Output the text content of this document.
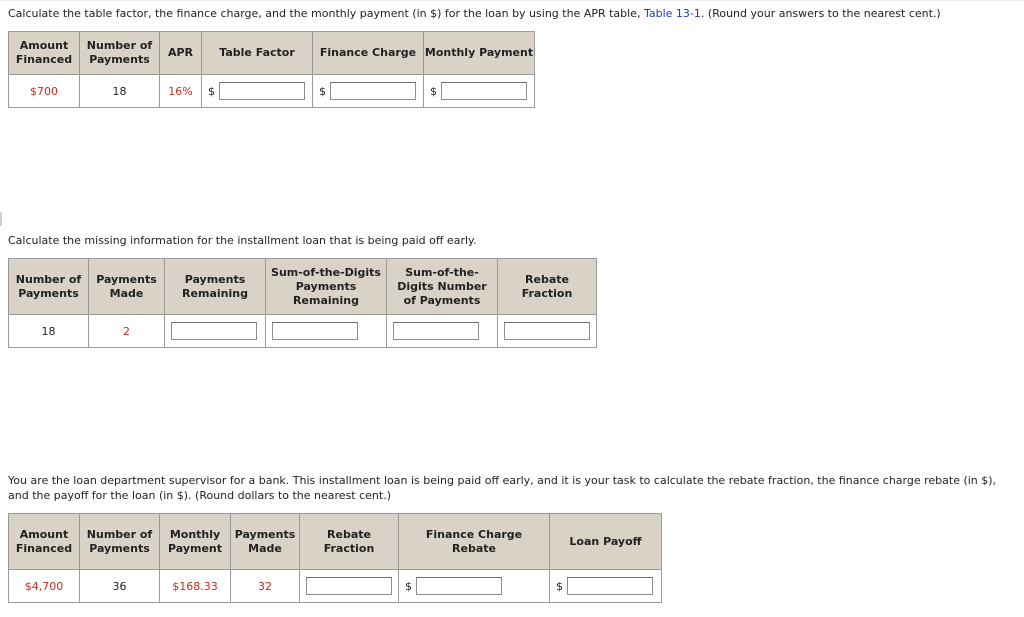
Calculate the table factor, the finance charge, and the monthly payment (in $) for the loan by using the APR table, Table 13-1. (Round your answers to the nearest cent.)

Amount Financed	Number of Payments	APR	Table Factor	Finance Charge	Monthly Payment
$700	18	16%	$	$	$

Calculate the missing information for the installment loan that is being paid off early.

Number of Payments	Payments Made	Payments Remaining	Sum-of-the-Digits Payments Remaining	Sum-of-the-Digits Number of Payments	Rebate Fraction
18	2	

You are the loan department supervisor for a bank. This installment loan is being paid off early, and it is your task to calculate the rebate fraction, the finance charge rebate (in $), and the payoff for the loan (in $). (Round dollars to the nearest cent.)

Amount Financed	Number of Payments	Monthly Payment	Payments Made	Rebate Fraction	Finance Charge Rebate	Loan Payoff
$4,700	36	$168.33	32		$	$
